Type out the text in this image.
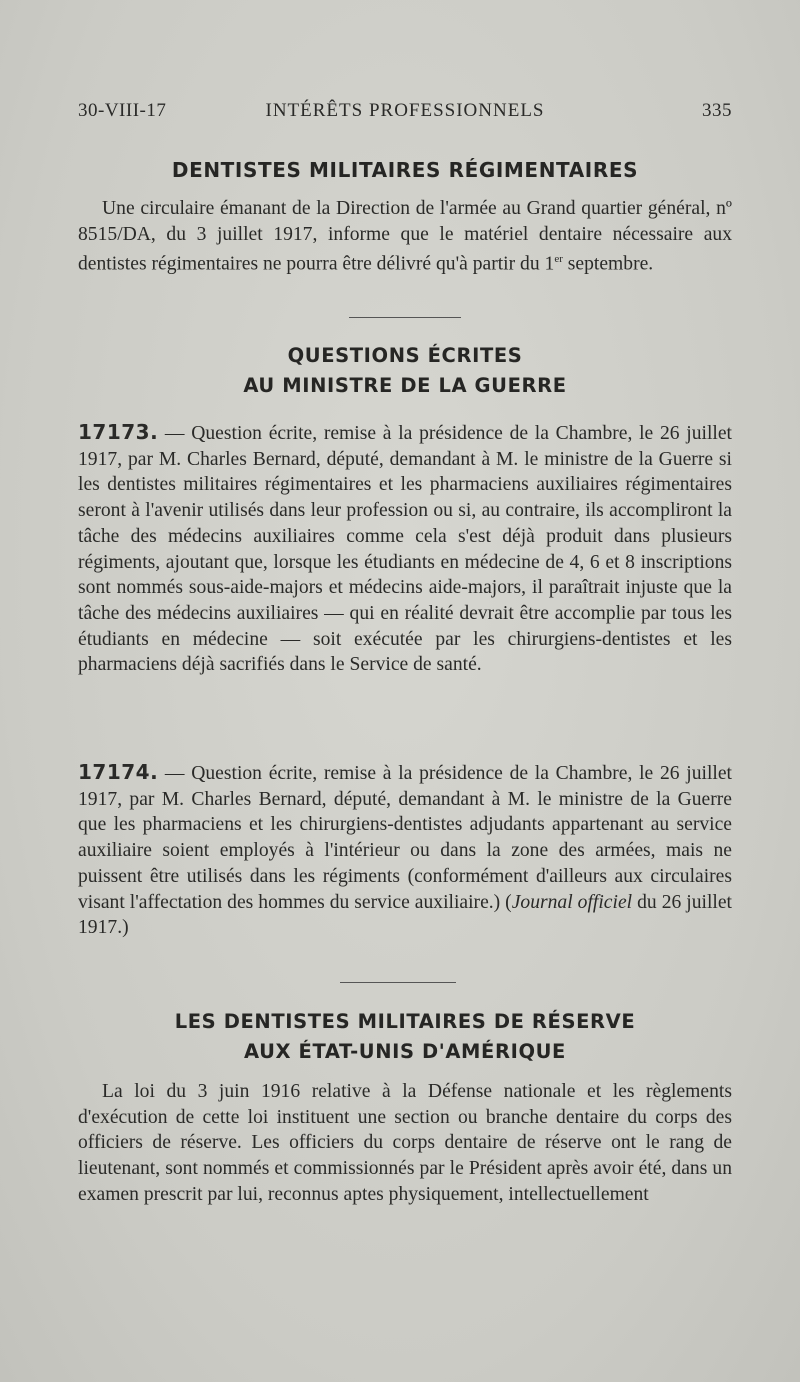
30-VIII-17	INTÉRÊTS PROFESSIONNELS	335
DENTISTES MILITAIRES RÉGIMENTAIRES
Une circulaire émanant de la Direction de l'armée au Grand quartier général, nº 8515/DA, du 3 juillet 1917, informe que le matériel dentaire nécessaire aux dentistes régimentaires ne pourra être délivré qu'à partir du 1er septembre.
QUESTIONS ÉCRITES
AU MINISTRE DE LA GUERRE
17173. — Question écrite, remise à la présidence de la Chambre, le 26 juillet 1917, par M. Charles Bernard, député, demandant à M. le ministre de la Guerre si les dentistes militaires régimentaires et les pharmaciens auxiliaires régimentaires seront à l'avenir utilisés dans leur profession ou si, au contraire, ils accompliront la tâche des médecins auxiliaires comme cela s'est déjà produit dans plusieurs régiments, ajoutant que, lorsque les étudiants en médecine de 4, 6 et 8 inscriptions sont nommés sous-aide-majors et médecins aide-majors, il paraîtrait injuste que la tâche des médecins auxiliaires — qui en réalité devrait être accomplie par tous les étudiants en médecine — soit exécutée par les chirurgiens-dentistes et les pharmaciens déjà sacrifiés dans le Service de santé.
17174. — Question écrite, remise à la présidence de la Chambre, le 26 juillet 1917, par M. Charles Bernard, député, demandant à M. le ministre de la Guerre que les pharmaciens et les chirurgiens-dentistes adjudants appartenant au service auxiliaire soient employés à l'intérieur ou dans la zone des armées, mais ne puissent être utilisés dans les régiments (conformément d'ailleurs aux circulaires visant l'affectation des hommes du service auxiliaire.) (Journal officiel du 26 juillet 1917.)
LES DENTISTES MILITAIRES DE RÉSERVE
AUX ÉTAT-UNIS D'AMÉRIQUE
La loi du 3 juin 1916 relative à la Défense nationale et les règlements d'exécution de cette loi instituent une section ou branche dentaire du corps des officiers de réserve. Les officiers du corps dentaire de réserve ont le rang de lieutenant, sont nommés et commissionnés par le Président après avoir été, dans un examen prescrit par lui, reconnus aptes physiquement, intellectuellement
